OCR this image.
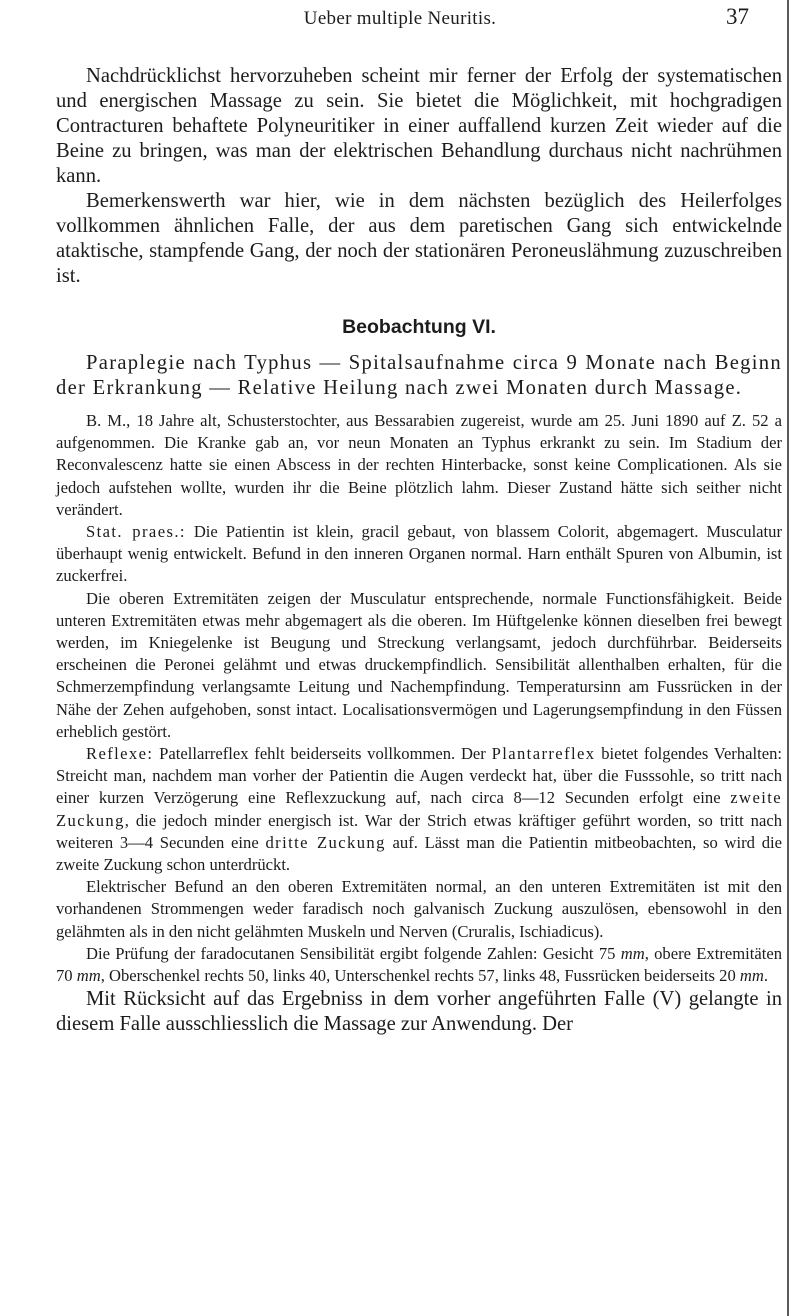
Ueber multiple Neuritis.	37

Nachdrücklichst hervorzuheben scheint mir ferner der Erfolg der systematischen und energischen Massage zu sein. Sie bietet die Möglichkeit, mit hochgradigen Contracturen behaftete Polyneuritiker in einer auffallend kurzen Zeit wieder auf die Beine zu bringen, was man der elektrischen Behandlung durchaus nicht nachrühmen kann.

Bemerkenswerth war hier, wie in dem nächsten bezüglich des Heilerfolges vollkommen ähnlichen Falle, der aus dem paretischen Gang sich entwickelnde ataktische, stampfende Gang, der noch der stationären Peroneuslähmung zuzuschreiben ist.

Beobachtung VI.

Paraplegie nach Typhus — Spitalsaufnahme circa 9 Monate nach Beginn der Erkrankung — Relative Heilung nach zwei Monaten durch Massage.

B. M., 18 Jahre alt, Schusterstochter, aus Bessarabien zugereist, wurde am 25. Juni 1890 auf Z. 52 a aufgenommen. Die Kranke gab an, vor neun Monaten an Typhus erkrankt zu sein. Im Stadium der Reconvalescenz hatte sie einen Abscess in der rechten Hinterbacke, sonst keine Complicationen. Als sie jedoch aufstehen wollte, wurden ihr die Beine plötzlich lahm. Dieser Zustand hätte sich seither nicht verändert.

Stat. praes.: Die Patientin ist klein, gracil gebaut, von blassem Colorit, abgemagert. Musculatur überhaupt wenig entwickelt. Befund in den inneren Organen normal. Harn enthält Spuren von Albumin, ist zuckerfrei.

Die oberen Extremitäten zeigen der Musculatur entsprechende, normale Functionsfähigkeit. Beide unteren Extremitäten etwas mehr abgemagert als die oberen. Im Hüftgelenke können dieselben frei bewegt werden, im Kniegelenke ist Beugung und Streckung verlangsamt, jedoch durchführbar. Beiderseits erscheinen die Peronei gelähmt und etwas druckempfindlich. Sensibilität allenthalben erhalten, für die Schmerzempfindung verlangsamte Leitung und Nachempfindung. Temperatursinn am Fussrücken in der Nähe der Zehen aufgehoben, sonst intact. Localisationsvermögen und Lagerungsempfindung in den Füssen erheblich gestört.

Reflexe: Patellarreflex fehlt beiderseits vollkommen. Der Plantarreflex bietet folgendes Verhalten: Streicht man, nachdem man vorher der Patientin die Augen verdeckt hat, über die Fusssohle, so tritt nach einer kurzen Verzögerung eine Reflexzuckung auf, nach circa 8—12 Secunden erfolgt eine zweite Zuckung, die jedoch minder energisch ist. War der Strich etwas kräftiger geführt worden, so tritt nach weiteren 3—4 Secunden eine dritte Zuckung auf. Lässt man die Patientin mitbeobachten, so wird die zweite Zuckung schon unterdrückt.

Elektrischer Befund an den oberen Extremitäten normal, an den unteren Extremitäten ist mit den vorhandenen Strommengen weder faradisch noch galvanisch Zuckung auszulösen, ebensowohl in den gelähmten als in den nicht gelähmten Muskeln und Nerven (Cruralis, Ischiadicus).

Die Prüfung der faradocutanen Sensibilität ergibt folgende Zahlen: Gesicht 75 mm, obere Extremitäten 70 mm, Oberschenkel rechts 50, links 40, Unterschenkel rechts 57, links 48, Fussrücken beiderseits 20 mm.

Mit Rücksicht auf das Ergebniss in dem vorher angeführten Falle (V) gelangte in diesem Falle ausschliesslich die Massage zur Anwendung. Der
